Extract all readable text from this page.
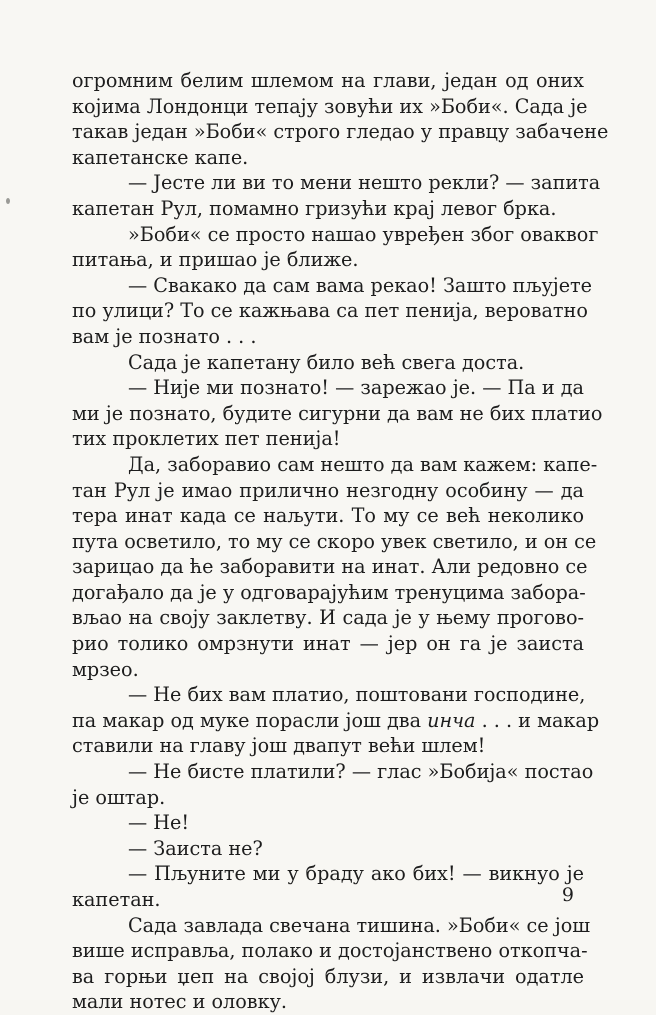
огромним белим шлемом на глави, један од оних
којима Лондонци тепају зовући их »Боби«. Сада је
такав један »Боби« строго гледао у правцу забачене
капетанске капе.
— Јесте ли ви то мени нешто рекли? — запита
капетан Рул, помамно гризући крај левог брка.
»Боби« се просто нашао увређен због оваквог
питања, и пришао је ближе.
— Свакако да сам вама рекао! Зашто пљујете
по улици? То се кажњава са пет пенија, вероватно
вам је познато . . .
Сада је капетану било већ свега доста.
— Није ми познато! — зарежао је. — Па и да
ми је познато, будите сигурни да вам не бих платио
тих проклетих пет пенија!
Да, заборавио сам нешто да вам кажем: капе-
тан Рул је имао прилично незгодну особину — да
тера инат када се наљути. То му се већ неколико
пута осветило, то му се скоро увек светило, и он се
зарицао да ће заборавити на инат. Али редовно се
догађало да је у одговарајућим тренуцима забора-
вљао на своју заклетву. И сада је у њему прогово-
рио толико омрзнути инат — јер он га је заиста
мрзео.
— Не бих вам платио, поштовани господине,
па макар од муке порасли још два инча . . . и макар
ставили на главу још двапут већи шлем!
— Не бисте платили? — глас »Бобија« постао
је оштар.
— Не!
— Заиста не?
— Пљуните ми у браду ако бих! — викнуо је
капетан.
Сада завлада свечана тишина. »Боби« се још
више исправља, полако и достојанствено откопча-
ва горњи џеп на својој блузи, и извлачи одатле
мали нотес и оловку.
9
